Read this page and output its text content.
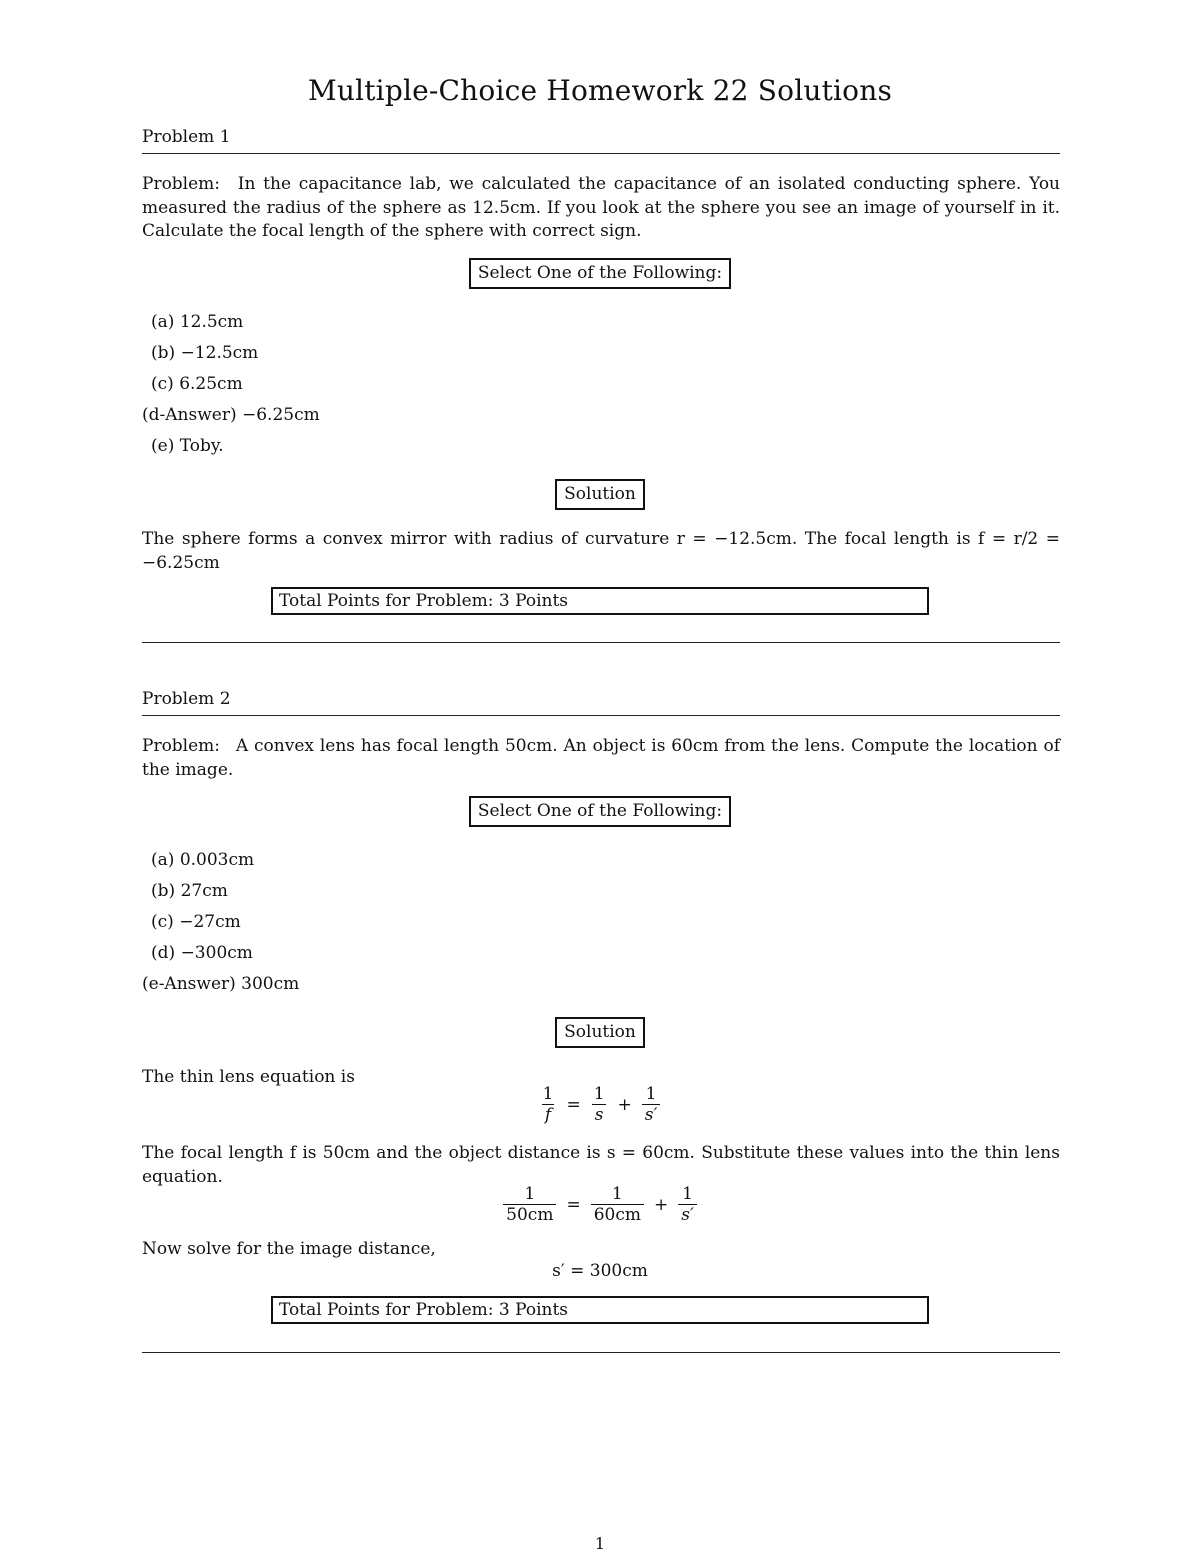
Multiple-Choice Homework 22 Solutions
Problem 1
Problem: In the capacitance lab, we calculated the capacitance of an isolated conducting sphere. You measured the radius of the sphere as 12.5cm. If you look at the sphere you see an image of yourself in it. Calculate the focal length of the sphere with correct sign.
Select One of the Following:
(a)
12.5cm
(b)
−12.5cm
(c)
6.25cm
(d-Answer)
−6.25cm
(e)
Toby.
Solution
The sphere forms a convex mirror with radius of curvature r = −12.5cm. The focal length is f = r/2 = −6.25cm
Total Points for Problem: 3 Points
Problem 2
Problem: A convex lens has focal length 50cm. An object is 60cm from the lens. Compute the location of the image.
Select One of the Following:
(a)
0.003cm
(b)
27cm
(c)
−27cm
(d)
−300cm
(e-Answer)
300cm
Solution
The thin lens equation is
$\frac{1}{f} = \frac{1}{s} + \frac{1}{s'}$
The focal length f is 50cm and the object distance is s = 60cm. Substitute these values into the thin lens equation.
$\frac{1}{50cm} = \frac{1}{60cm} + \frac{1}{s'}$
Now solve for the image distance,
s′ = 300cm
Total Points for Problem: 3 Points
1
